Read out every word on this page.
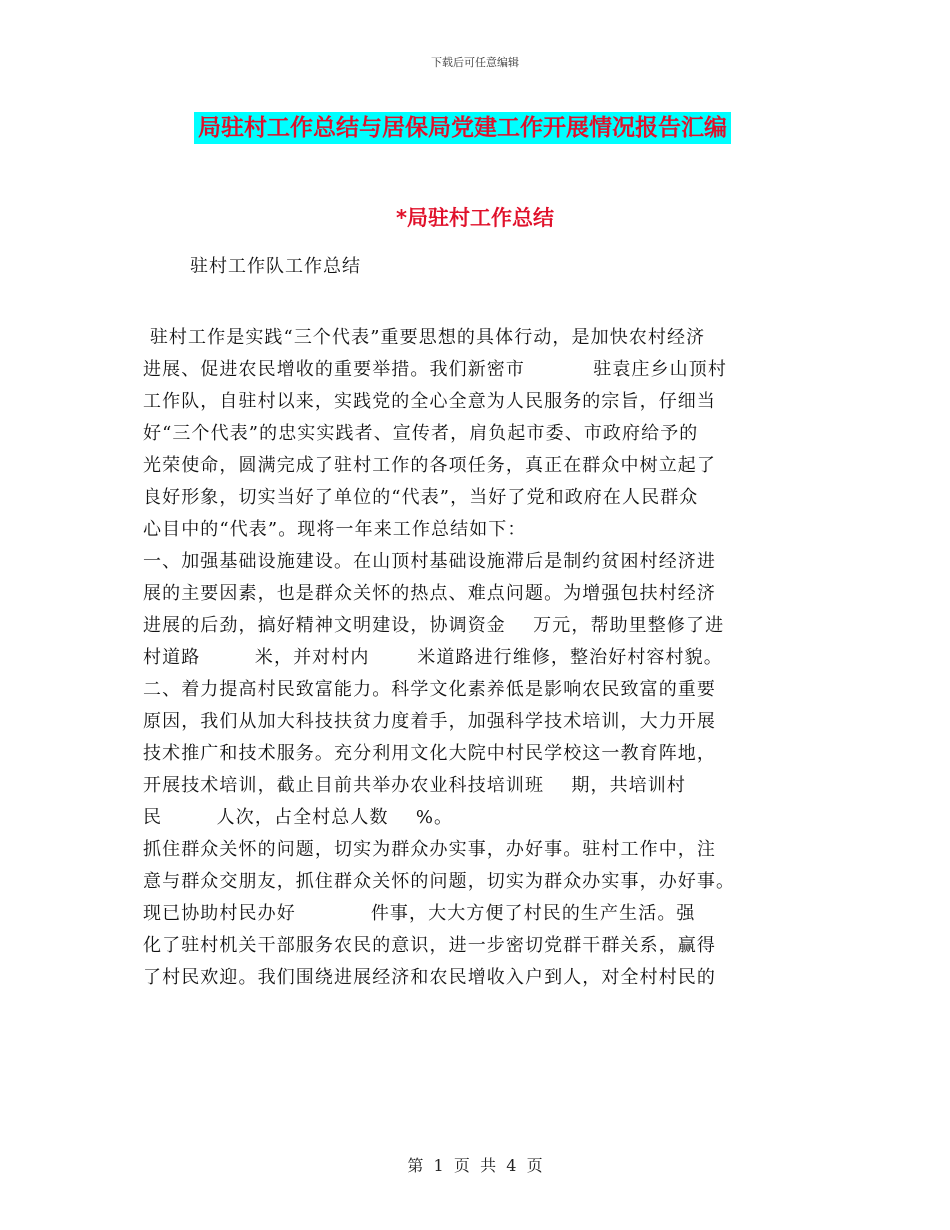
下载后可任意编辑
局驻村工作总结与居保局党建工作开展情况报告汇编
*局驻村工作总结
驻村工作队工作总结
驻村工作是实践“三个代表”重要思想的具体行动，是加快农村经济
进展、促进农民增收的重要举措。我们新密市          驻袁庄乡山顶村
工作队，自驻村以来，实践党的全心全意为人民服务的宗旨，仔细当
好“三个代表”的忠实实践者、宣传者，肩负起市委、市政府给予的
光荣使命，圆满完成了驻村工作的各项任务，真正在群众中树立起了
良好形象，切实当好了单位的“代表”，当好了党和政府在人民群众
心目中的“代表”。现将一年来工作总结如下：
一、加强基础设施建设。在山顶村基础设施滞后是制约贫困村经济进
展的主要因素，也是群众关怀的热点、难点问题。为增强包扶村经济
进展的后劲，搞好精神文明建设，协调资金    万元，帮助里整修了进
村道路        米，并对村内       米道路进行维修，整治好村容村貌。
二、着力提高村民致富能力。科学文化素养低是影响农民致富的重要
原因，我们从加大科技扶贫力度着手，加强科学技术培训，大力开展
技术推广和技术服务。充分利用文化大院中村民学校这一教育阵地，
开展技术培训，截止目前共举办农业科技培训班    期，共培训村
民        人次，占全村总人数    %。
抓住群众关怀的问题，切实为群众办实事，办好事。驻村工作中，注
意与群众交朋友，抓住群众关怀的问题，切实为群众办实事，办好事。
现已协助村民办好           件事，大大方便了村民的生产生活。强
化了驻村机关干部服务农民的意识，进一步密切党群干群关系，赢得
了村民欢迎。我们围绕进展经济和农民增收入户到人，对全村村民的
第  1  页  共  4  页
